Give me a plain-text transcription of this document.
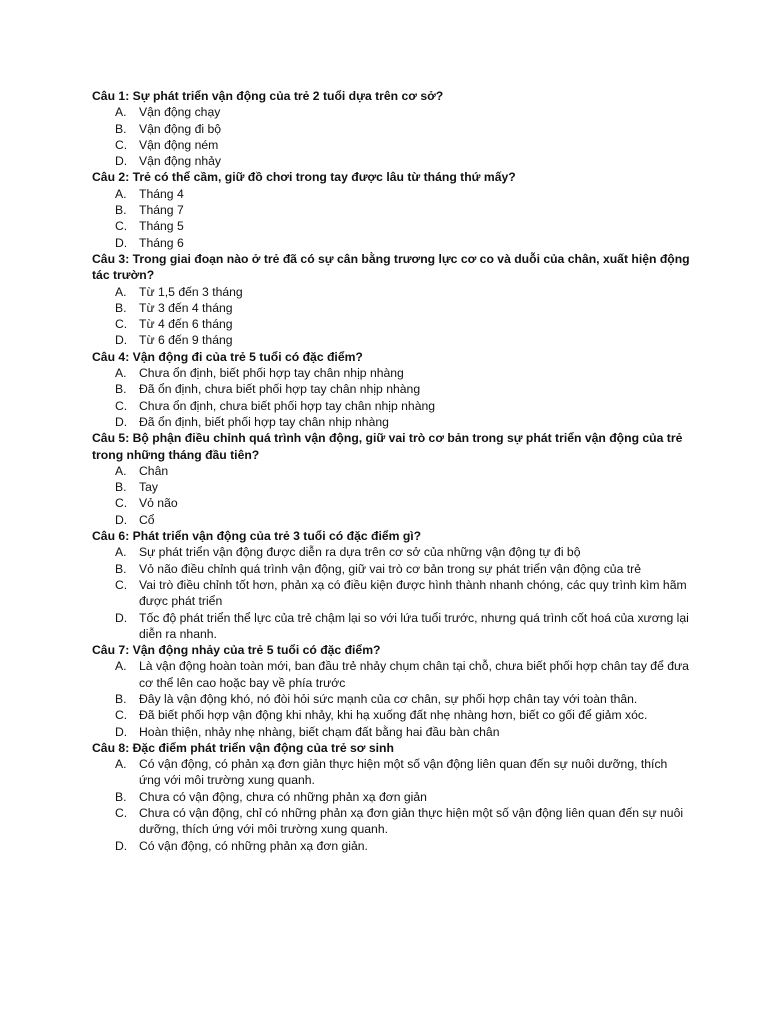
Câu 1: Sự phát triển vận động của trẻ 2 tuổi dựa trên cơ sở?

A. Vận động chạy
B. Vận động đi bộ
C. Vận động ném
D. Vận động nhảy

Câu 2: Trẻ có thể cầm, giữ đồ chơi trong tay được lâu từ tháng thứ mấy?

A. Tháng 4
B. Tháng 7
C. Tháng 5
D. Tháng 6

Câu 3: Trong giai đoạn nào ở trẻ đã có sự cân bằng trương lực cơ co và duỗi của chân, xuất hiện động tác trườn?

A. Từ 1,5 đến 3 tháng
B. Từ 3 đến 4 tháng
C. Từ 4 đến 6 tháng
D. Từ 6 đến 9 tháng

Câu 4: Vận động đi của trẻ 5 tuổi có đặc điểm?

A. Chưa ổn định, biết phối hợp tay chân nhịp nhàng
B. Đã ổn định, chưa biết phối hợp tay chân nhịp nhàng
C. Chưa ổn định, chưa biết phối hợp tay chân nhịp nhàng
D. Đã ổn định, biết phối hợp tay chân nhịp nhàng

Câu 5: Bộ phận điều chỉnh quá trình vận động, giữ vai trò cơ bản trong sự phát triển vận động của trẻ trong những tháng đầu tiên?

A. Chân
B. Tay
C. Vỏ não
D. Cổ

Câu 6: Phát triển vận động của trẻ 3 tuổi có đặc điểm gì?

A. Sự phát triển vận động được diễn ra dựa trên cơ sở của những vận động tự đi bộ
B. Vỏ não điều chỉnh quá trình vận động, giữ vai trò cơ bản trong sự phát triển vận động của trẻ
C. Vai trò điều chỉnh tốt hơn, phản xạ có điều kiện được hình thành nhanh chóng, các quy trình kìm hãm được phát triển
D. Tốc độ phát triển thể lực của trẻ chậm lại so với lứa tuổi trước, nhưng quá trình cốt hoá của xương lại diễn ra nhanh.

Câu 7: Vận động nhảy của trẻ 5 tuổi có đặc điểm?

A. Là vận động hoàn toàn mới, ban đầu trẻ nhảy chụm chân tại chỗ, chưa biết phối hợp chân tay để đưa cơ thể lên cao hoặc bay về phía trước
B. Đây là vận động khó, nó đòi hỏi sức mạnh của cơ chân, sự phối hợp chân tay với toàn thân.
C. Đã biết phối hợp vận động khi nhảy, khi hạ xuống đất nhẹ nhàng hơn, biết co gối để giảm xóc.
D. Hoàn thiện, nhảy nhẹ nhàng, biết chạm đất bằng hai đầu bàn chân

Câu 8: Đặc điểm phát triển vận động của trẻ sơ sinh

A. Có vận động, có phản xạ đơn giản thực hiện một số vận động liên quan đến sự nuôi dưỡng, thích ứng với môi trường xung quanh.
B. Chưa có vận động, chưa có những phản xạ đơn giản
C. Chưa có vận động, chỉ có những phản xạ đơn giản thực hiện một số vận động liên quan đến sự nuôi dưỡng, thích ứng với môi trường xung quanh.
D. Có vận động, có những phản xạ đơn giản.
